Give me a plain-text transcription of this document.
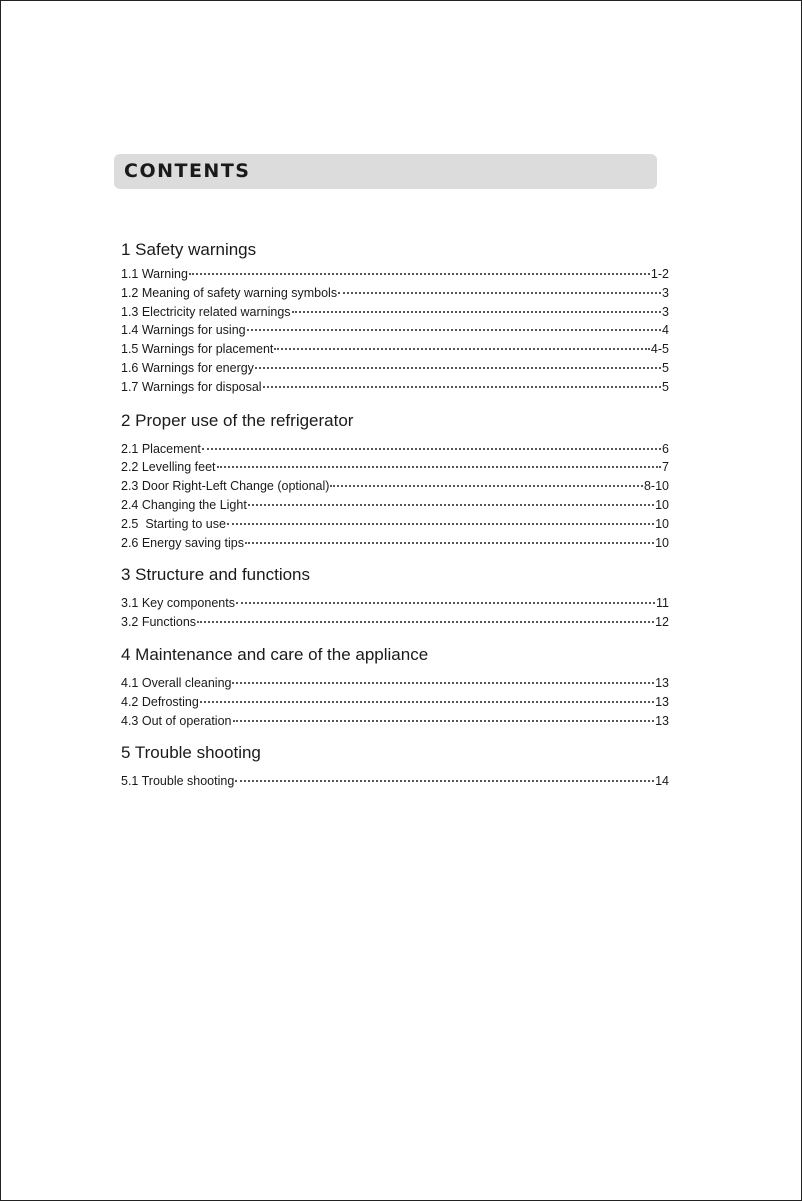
CONTENTS
1 Safety warnings
1.1 Warning	1-2
1.2 Meaning of safety warning symbols	3
1.3 Electricity related warnings	3
1.4 Warnings for using	4
1.5 Warnings for placement	4-5
1.6 Warnings for energy	5
1.7 Warnings for disposal	5
2 Proper use of the refrigerator
2.1 Placement	6
2.2 Levelling feet	7
2.3 Door Right-Left Change (optional)	8-10
2.4 Changing the Light	10
2.5  Starting to use	10
2.6 Energy saving tips	10
3 Structure and functions
3.1 Key components	11
3.2 Functions	12
4 Maintenance and care of the appliance
4.1 Overall cleaning	13
4.2 Defrosting	13
4.3 Out of operation	13
5 Trouble shooting
5.1 Trouble shooting	14
